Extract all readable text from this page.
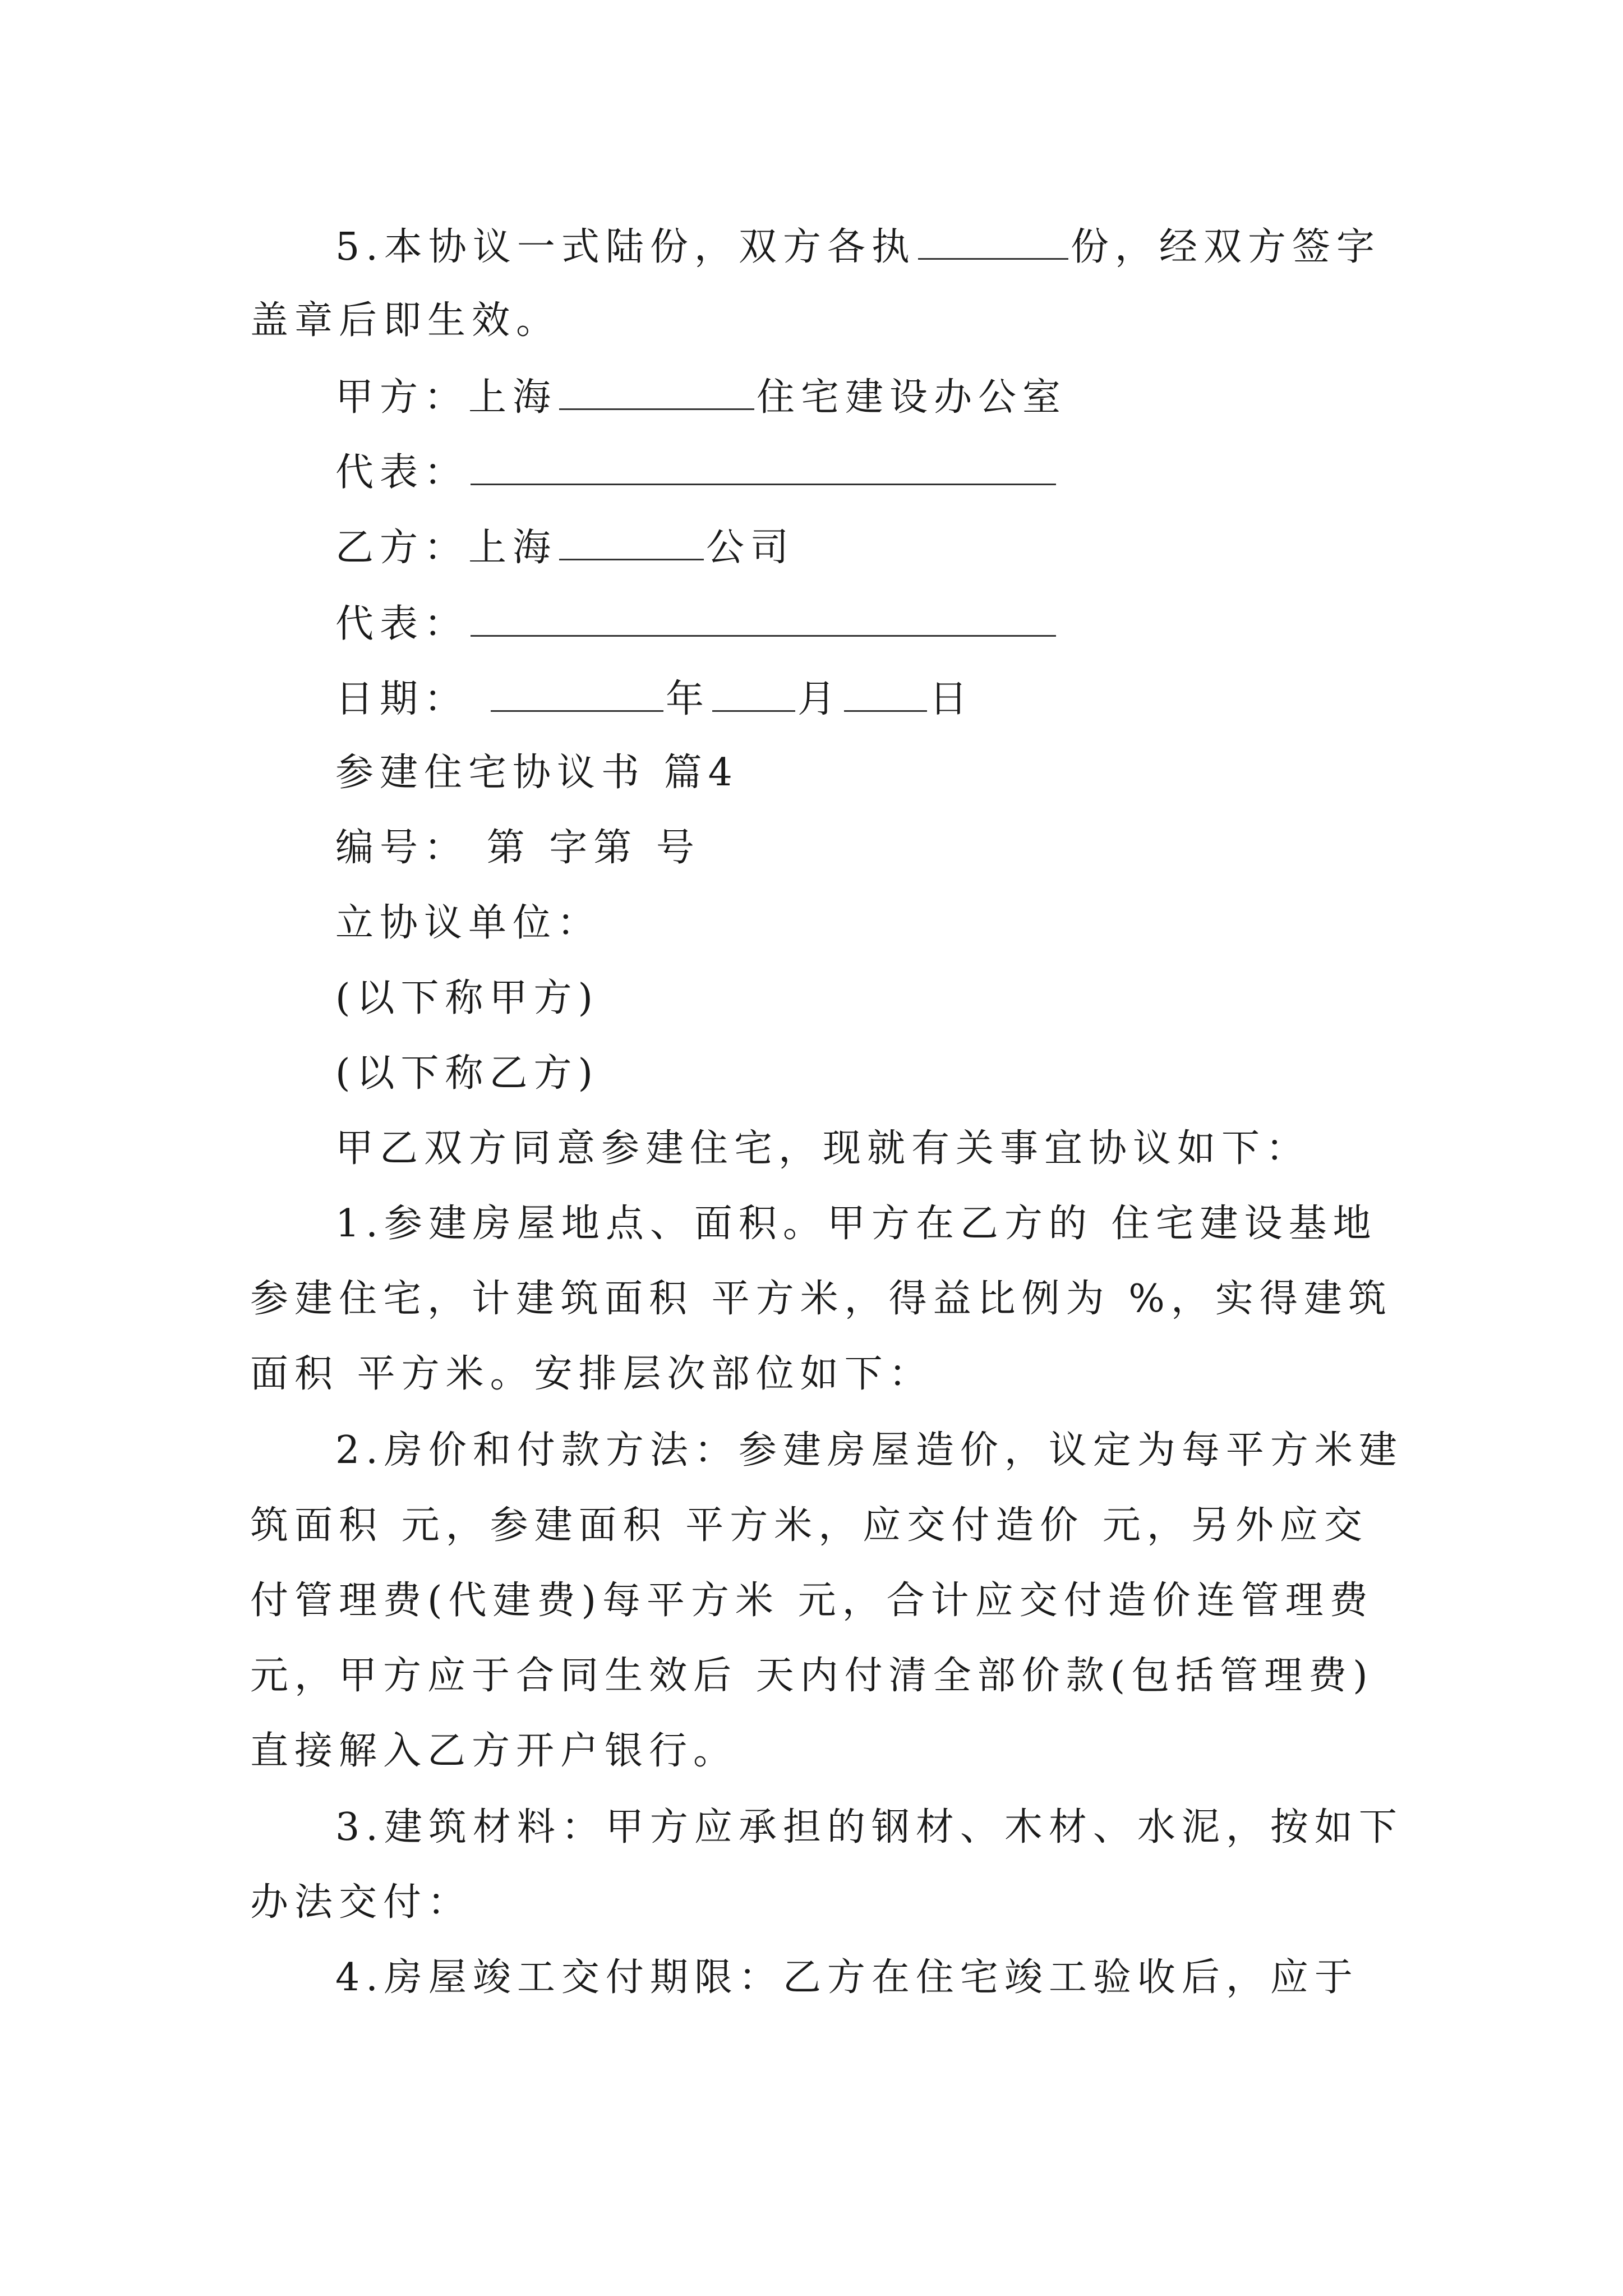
5.本协议一式陆份，双方各执	份，经双方签字
盖章后即生效。
甲方：上海	住宅建设办公室
代表：
乙方：上海	公司
代表：
日期：	年 月 日
参建住宅协议书 篇4
编号： 第 字第 号
立协议单位：
(以下称甲方)
(以下称乙方)
甲乙双方同意参建住宅，现就有关事宜协议如下：
1.参建房屋地点、面积。甲方在乙方的 住宅建设基地
参建住宅，计建筑面积 平方米，得益比例为 %，实得建筑
面积 平方米。安排层次部位如下：
2.房价和付款方法：参建房屋造价，议定为每平方米建
筑面积 元，参建面积 平方米，应交付造价 元，另外应交
付管理费(代建费)每平方米 元，合计应交付造价连管理费
元，甲方应于合同生效后 天内付清全部价款(包括管理费)
直接解入乙方开户银行。
3.建筑材料：甲方应承担的钢材、木材、水泥，按如下
办法交付：
4.房屋竣工交付期限：乙方在住宅竣工验收后，应于
